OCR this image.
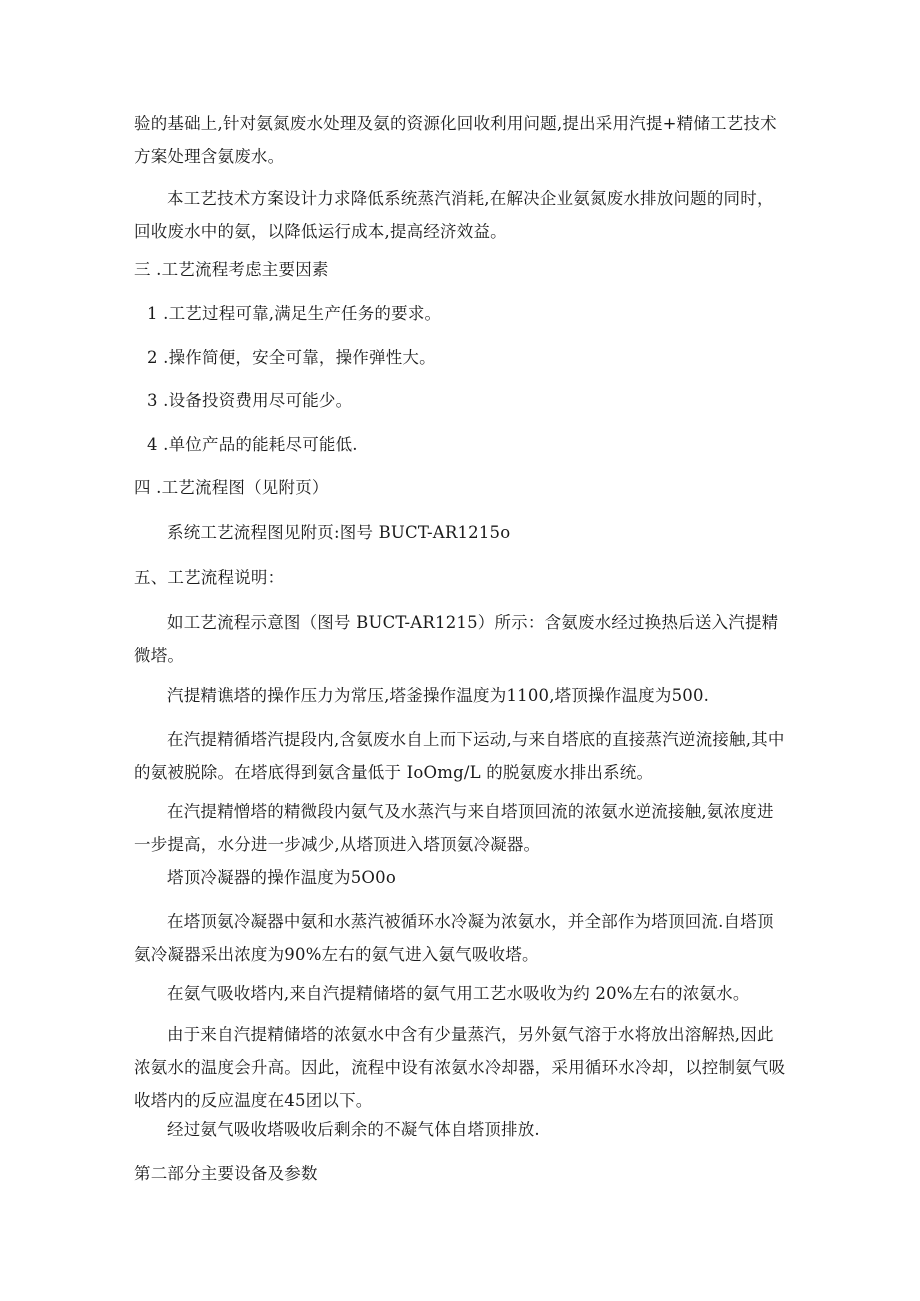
验的基础上,针对氨氮废水处理及氨的资源化回收利用问题,提出采用汽提+精储工艺技术方案处理含氨废水。

本工艺技术方案设计力求降低系统蒸汽消耗,在解决企业氨氮废水排放问题的同时，回收废水中的氨，以降低运行成本,提高经济效益。

三 .工艺流程考虑主要因素

1 .工艺过程可靠,满足生产任务的要求。

2 .操作简便，安全可靠，操作弹性大。

3 .设备投资费用尽可能少。

4 .单位产品的能耗尽可能低.

四 .工艺流程图（见附页）

系统工艺流程图见附页:图号 BUCT-AR1215o

五、工艺流程说明：

如工艺流程示意图（图号 BUCT-AR1215）所示：含氨废水经过换热后送入汽提精微塔。

汽提精谯塔的操作压力为常压,塔釜操作温度为1100,塔顶操作温度为500.

在汽提精循塔汽提段内,含氨废水自上而下运动,与来自塔底的直接蒸汽逆流接触,其中的氨被脱除。在塔底得到氨含量低于 IoOmg/L 的脱氨废水排出系统。

在汽提精憎塔的精微段内氨气及水蒸汽与来自塔顶回流的浓氨水逆流接触,氨浓度进一步提高，水分进一步减少,从塔顶进入塔顶氨冷凝器。

塔顶冷凝器的操作温度为5O0o

在塔顶氨冷凝器中氨和水蒸汽被循环水冷凝为浓氨水，并全部作为塔顶回流.自塔顶氨冷凝器采出浓度为90%左右的氨气进入氨气吸收塔。

在氨气吸收塔内,来自汽提精储塔的氨气用工艺水吸收为约 20%左右的浓氨水。

由于来自汽提精储塔的浓氨水中含有少量蒸汽，另外氨气溶于水将放出溶解热,因此浓氨水的温度会升高。因此，流程中设有浓氨水冷却器，采用循环水冷却，以控制氨气吸收塔内的反应温度在45团以下。

经过氨气吸收塔吸收后剩余的不凝气体自塔顶排放.

第二部分主要设备及参数
